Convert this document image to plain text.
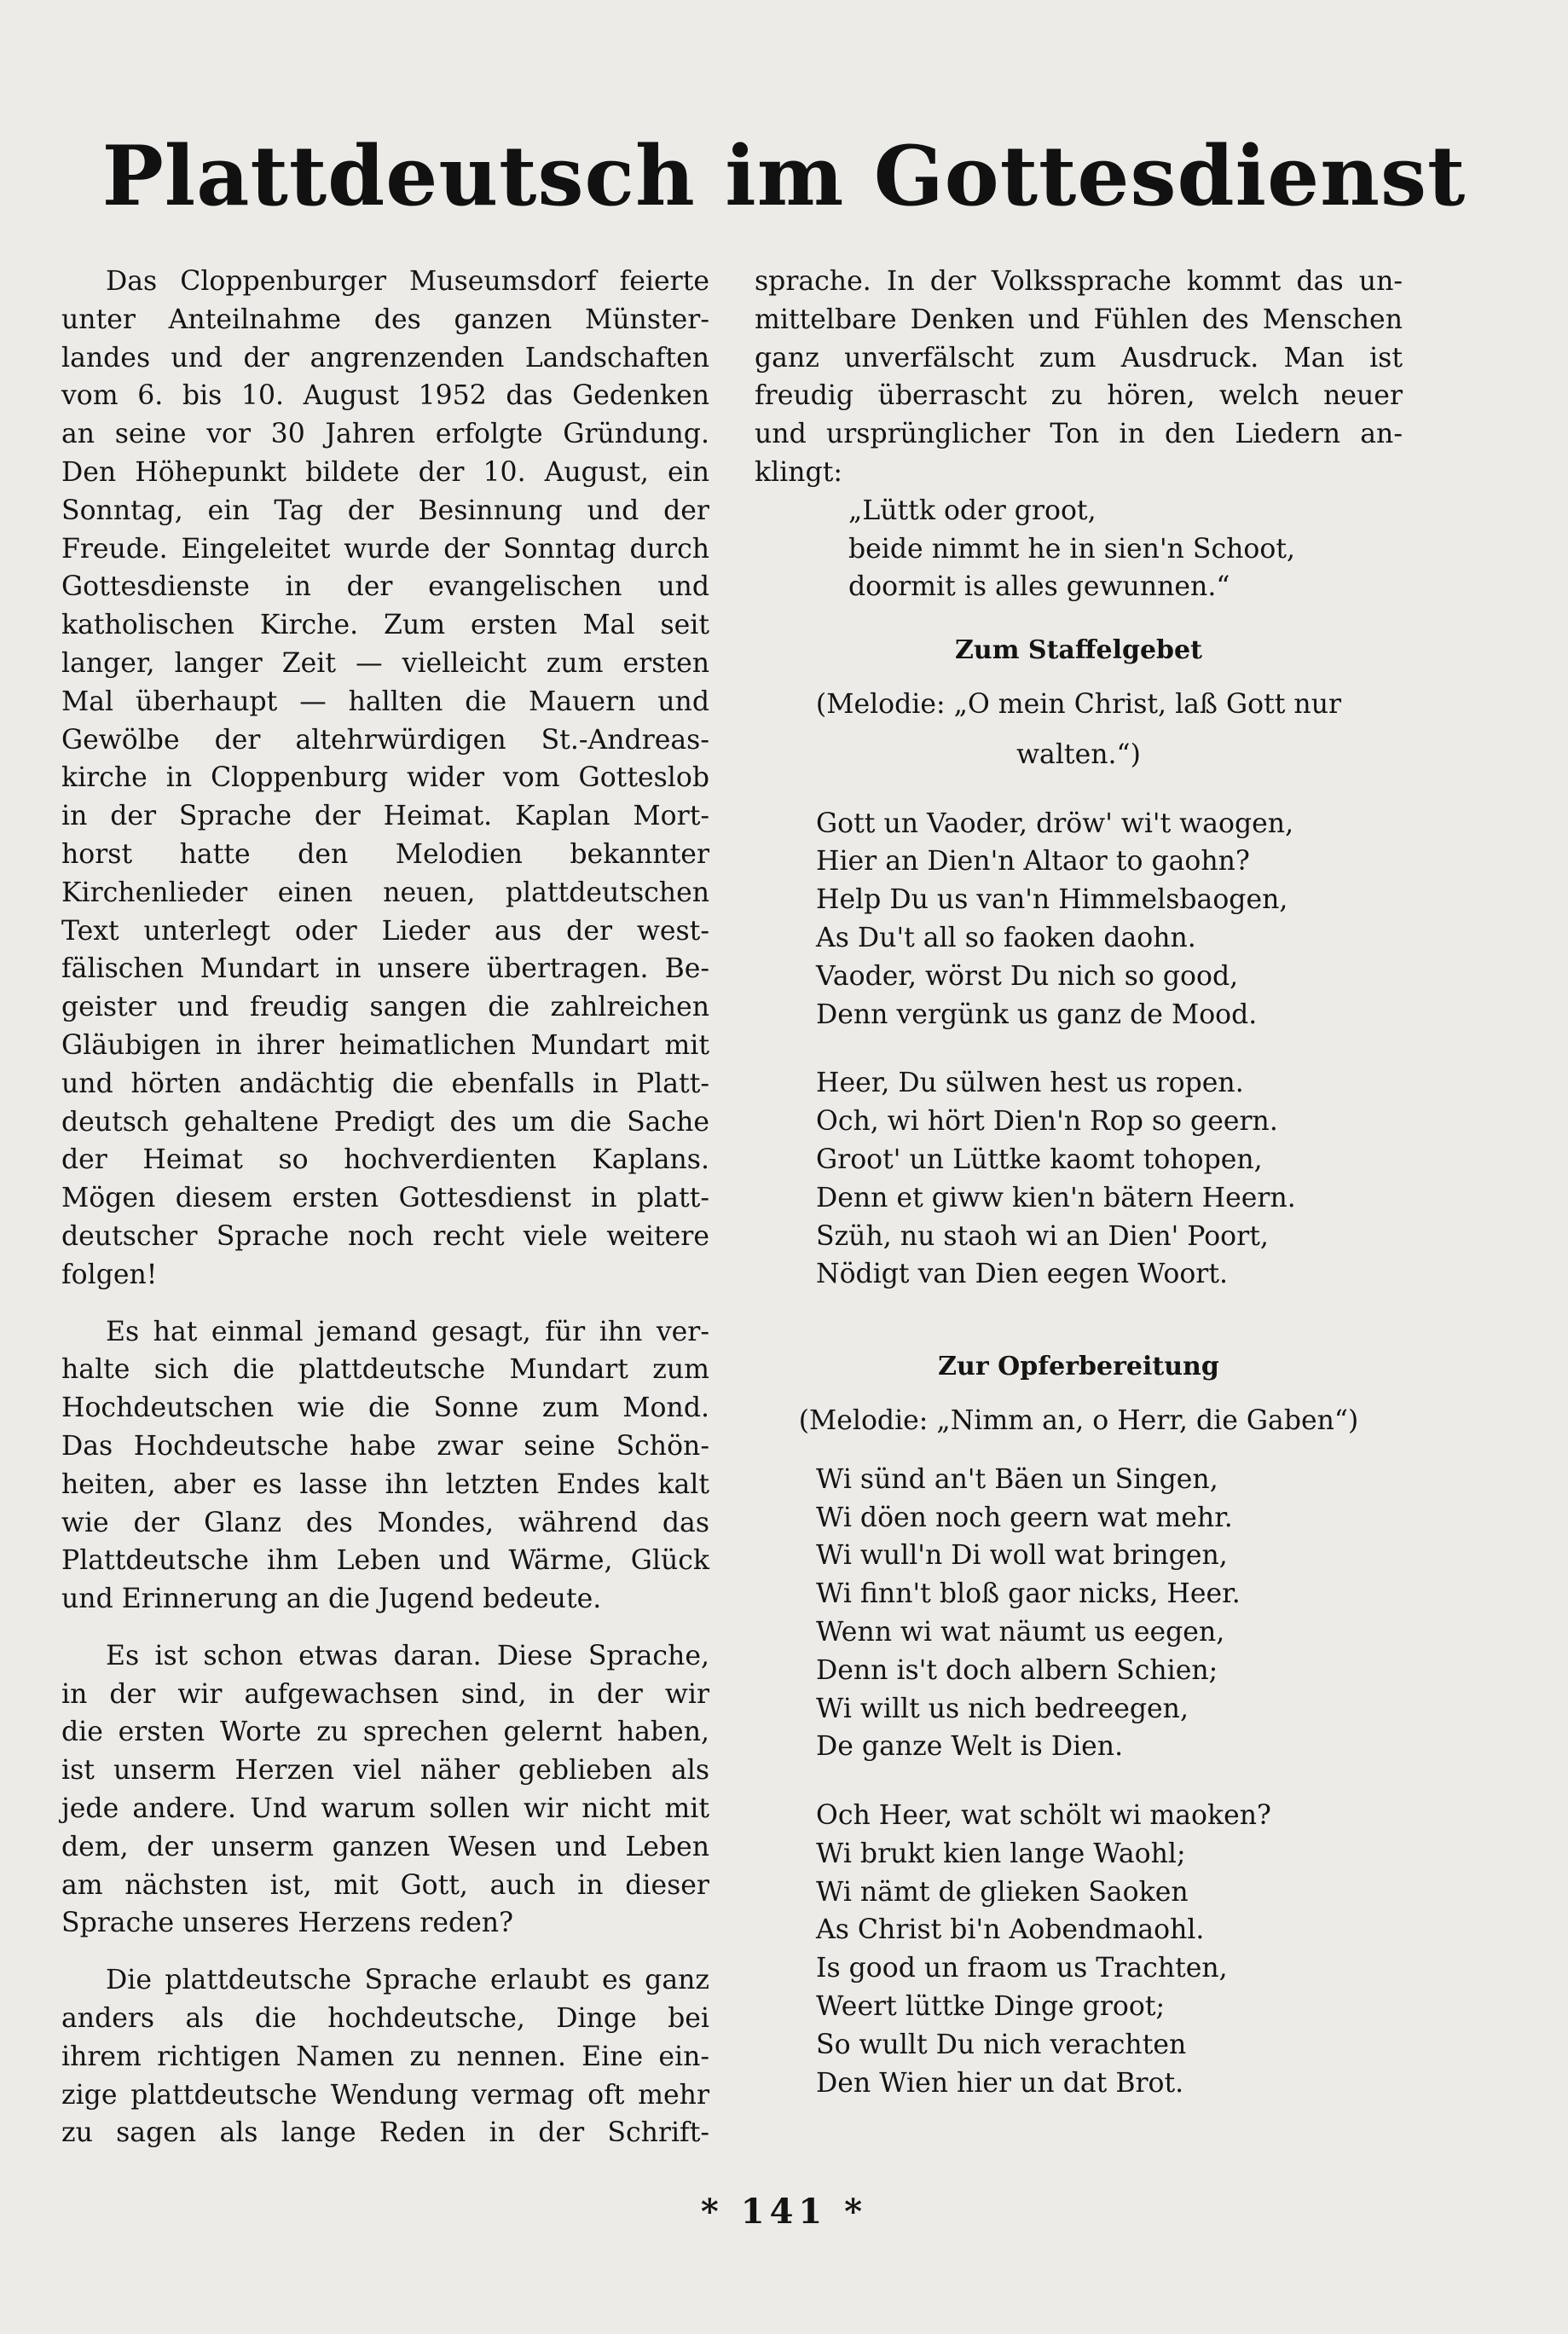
Plattdeutsch im Gottesdienst
Das Cloppenburger Museumsdorf feierte
unter Anteilnahme des ganzen Münster-
landes und der angrenzenden Landschaften
vom 6. bis 10. August 1952 das Gedenken
an seine vor 30 Jahren erfolgte Gründung.
Den Höhepunkt bildete der 10. August, ein
Sonntag, ein Tag der Besinnung und der
Freude. Eingeleitet wurde der Sonntag durch
Gottesdienste in der evangelischen und
katholischen Kirche. Zum ersten Mal seit
langer, langer Zeit — vielleicht zum ersten
Mal überhaupt — hallten die Mauern und
Gewölbe der altehrwürdigen St.-Andreas-
kirche in Cloppenburg wider vom Gotteslob
in der Sprache der Heimat. Kaplan Mort-
horst hatte den Melodien bekannter
Kirchenlieder einen neuen, plattdeutschen
Text unterlegt oder Lieder aus der west-
fälischen Mundart in unsere übertragen. Be-
geister und freudig sangen die zahlreichen
Gläubigen in ihrer heimatlichen Mundart mit
und hörten andächtig die ebenfalls in Platt-
deutsch gehaltene Predigt des um die Sache
der Heimat so hochverdienten Kaplans.
Mögen diesem ersten Gottesdienst in platt-
deutscher Sprache noch recht viele weitere
folgen!
Es hat einmal jemand gesagt, für ihn ver-
halte sich die plattdeutsche Mundart zum
Hochdeutschen wie die Sonne zum Mond.
Das Hochdeutsche habe zwar seine Schön-
heiten, aber es lasse ihn letzten Endes kalt
wie der Glanz des Mondes, während das
Plattdeutsche ihm Leben und Wärme, Glück
und Erinnerung an die Jugend bedeute.
Es ist schon etwas daran. Diese Sprache,
in der wir aufgewachsen sind, in der wir
die ersten Worte zu sprechen gelernt haben,
ist unserm Herzen viel näher geblieben als
jede andere. Und warum sollen wir nicht mit
dem, der unserm ganzen Wesen und Leben
am nächsten ist, mit Gott, auch in dieser
Sprache unseres Herzens reden?
Die plattdeutsche Sprache erlaubt es ganz
anders als die hochdeutsche, Dinge bei
ihrem richtigen Namen zu nennen. Eine ein-
zige plattdeutsche Wendung vermag oft mehr
zu sagen als lange Reden in der Schrift-
sprache. In der Volkssprache kommt das un-
mittelbare Denken und Fühlen des Menschen
ganz unverfälscht zum Ausdruck. Man ist
freudig überrascht zu hören, welch neuer
und ursprünglicher Ton in den Liedern an-
klingt:
„Lüttk oder groot,
beide nimmt he in sien'n Schoot,
doormit is alles gewunnen.“
Zum Staffelgebet
(Melodie: „O mein Christ, laß Gott nur
walten.“)
Gott un Vaoder, dröw' wi't waogen,
Hier an Dien'n Altaor to gaohn?
Help Du us van'n Himmelsbaogen,
As Du't all so faoken daohn.
Vaoder, wörst Du nich so good,
Denn vergünk us ganz de Mood.
Heer, Du sülwen hest us ropen.
Och, wi hört Dien'n Rop so geern.
Groot' un Lüttke kaomt tohopen,
Denn et giww kien'n bätern Heern.
Szüh, nu staoh wi an Dien' Poort,
Nödigt van Dien eegen Woort.
Zur Opferbereitung
(Melodie: „Nimm an, o Herr, die Gaben“)
Wi sünd an't Bäen un Singen,
Wi döen noch geern wat mehr.
Wi wull'n Di woll wat bringen,
Wi finn't bloß gaor nicks, Heer.
Wenn wi wat näumt us eegen,
Denn is't doch albern Schien;
Wi willt us nich bedreegen,
De ganze Welt is Dien.
Och Heer, wat schölt wi maoken?
Wi brukt kien lange Waohl;
Wi nämt de glieken Saoken
As Christ bi'n Aobendmaohl.
Is good un fraom us Trachten,
Weert lüttke Dinge groot;
So wullt Du nich verachten
Den Wien hier un dat Brot.
* 141 *
